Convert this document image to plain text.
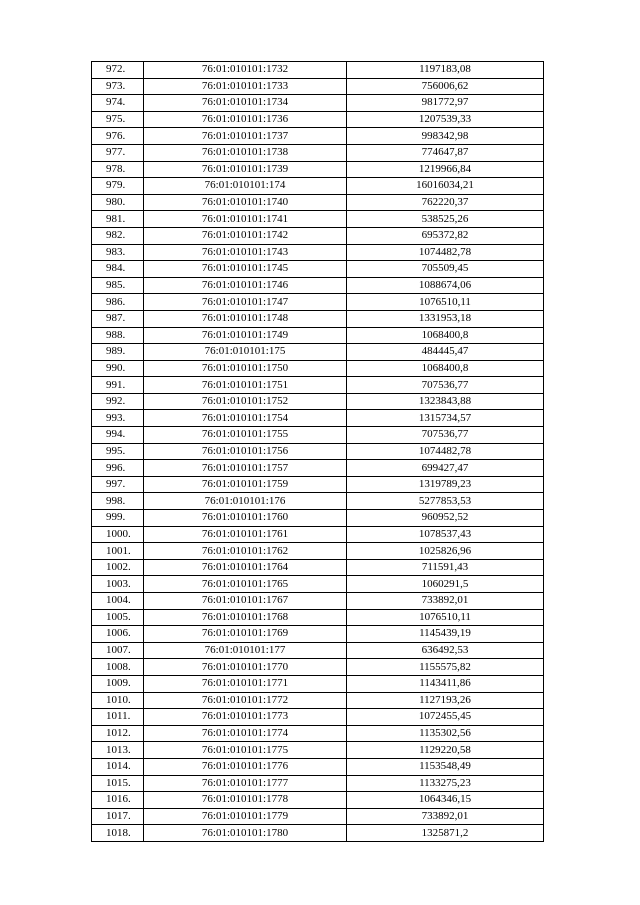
972.	76:01:010101:1732	1197183,08
973.	76:01:010101:1733	756006,62
974.	76:01:010101:1734	981772,97
975.	76:01:010101:1736	1207539,33
976.	76:01:010101:1737	998342,98
977.	76:01:010101:1738	774647,87
978.	76:01:010101:1739	1219966,84
979.	76:01:010101:174	16016034,21
980.	76:01:010101:1740	762220,37
981.	76:01:010101:1741	538525,26
982.	76:01:010101:1742	695372,82
983.	76:01:010101:1743	1074482,78
984.	76:01:010101:1745	705509,45
985.	76:01:010101:1746	1088674,06
986.	76:01:010101:1747	1076510,11
987.	76:01:010101:1748	1331953,18
988.	76:01:010101:1749	1068400,8
989.	76:01:010101:175	484445,47
990.	76:01:010101:1750	1068400,8
991.	76:01:010101:1751	707536,77
992.	76:01:010101:1752	1323843,88
993.	76:01:010101:1754	1315734,57
994.	76:01:010101:1755	707536,77
995.	76:01:010101:1756	1074482,78
996.	76:01:010101:1757	699427,47
997.	76:01:010101:1759	1319789,23
998.	76:01:010101:176	5277853,53
999.	76:01:010101:1760	960952,52
1000.	76:01:010101:1761	1078537,43
1001.	76:01:010101:1762	1025826,96
1002.	76:01:010101:1764	711591,43
1003.	76:01:010101:1765	1060291,5
1004.	76:01:010101:1767	733892,01
1005.	76:01:010101:1768	1076510,11
1006.	76:01:010101:1769	1145439,19
1007.	76:01:010101:177	636492,53
1008.	76:01:010101:1770	1155575,82
1009.	76:01:010101:1771	1143411,86
1010.	76:01:010101:1772	1127193,26
1011.	76:01:010101:1773	1072455,45
1012.	76:01:010101:1774	1135302,56
1013.	76:01:010101:1775	1129220,58
1014.	76:01:010101:1776	1153548,49
1015.	76:01:010101:1777	1133275,23
1016.	76:01:010101:1778	1064346,15
1017.	76:01:010101:1779	733892,01
1018.	76:01:010101:1780	1325871,2
